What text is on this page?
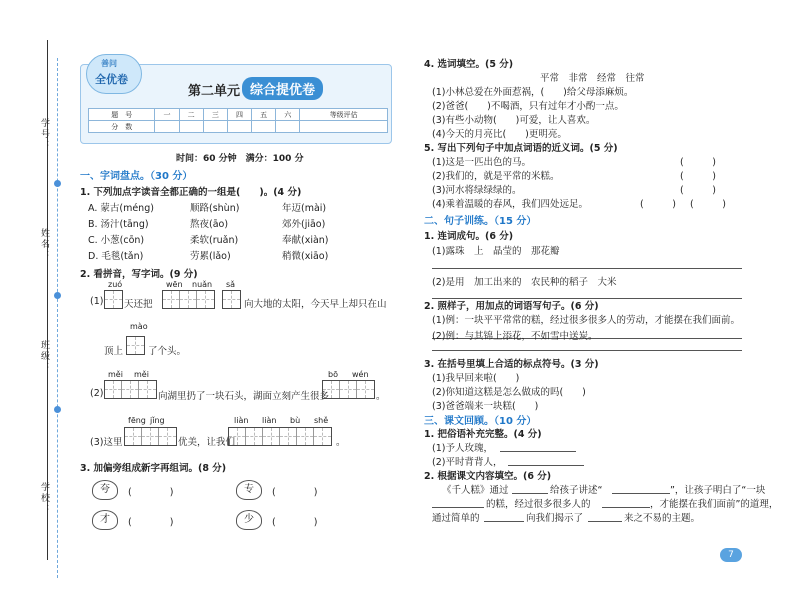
学号：
姓名：
班级：
学校：
善问
全优卷
第二单元 综合提优卷
题　号	一	二	三	四	五	六	等级评估
分　数							
时间：60 分钟　满分：100 分
一、字词盘点。（30 分）
1. 下列加点字读音全都正确的一组是(　　)。(4 分)
A. 蒙古(méng)	顺路(shùn)	年迈(mài)
B. 汤汁(tāng)	熬夜(āo)	郊外(jiāo)
C. 小葱(cōn)	柔软(ruǎn)	奉献(xiàn)
D. 毛毯(tǎn)	劳累(lǎo)	稍微(xiāo)
2. 看拼音，写字词。(9 分)
zuó	wēn nuǎn sǎ
(1) 天还把	向大地的太阳，今天早上却只在山
mào
顶上	了个头。
měi měi	bō wén
(2)	向湖里扔了一块石头，湖面立刻产生很多	。
fēng jǐng	liàn liàn bù shě
(3)这里	优美，让我们	。
3. 加偏旁组成新字再组词。(8 分)
夸	(　　　　)	专	(　　　　)
才	(　　　　)	少	(　　　　)
4. 选词填空。(5 分)
平常　非常　经常　往常
(1)小林总爱在外面惹祸，(　　)给父母添麻烦。
(2)爸爸(　　)不喝酒，只有过年才小酌一点。
(3)有些小动物(　　)可爱，让人喜欢。
(4)今天的月亮比(　　)更明亮。
5. 写出下列句子中加点词语的近义词。(5 分)
(1)这是一匹出色的马。	(　　　)
(2)我们的，就是平常的米糕。	(　　　)
(3)河水将绿绿绿的。	(　　　)
(4)乘着温暖的春风，我们四处远足。	(　　　) (　　　)
二、句子训练。（15 分）
1. 连词成句。(6 分)
(1)露珠　上　晶莹的　那花瓣
(2)是用　加工出来的　农民种的稻子　大米
2. 照样子，用加点的词语写句子。(6 分)
(1)例：一块平平常常的糕，经过很多很多人的劳动，才能摆在我们面前。
(2)例：与其锦上添花，不如雪中送炭。
3. 在括号里填上合适的标点符号。(3 分)
(1)我早回来啦(　　)
(2)你知道这糕是怎么做成的吗(　　)
(3)爸爸端来一块糕(　　)
三、课文回顾。（10 分）
1. 把俗语补充完整。(4 分)
(1)予人玫瑰，
(2)平时背背人，
2. 根据课文内容填空。(6 分)
《千人糕》通过	给孩子讲述“	”，让孩子明白了“一块
的糕，经过很多很多人的	，才能摆在我们面前”的道理，
通过简单的	向我们揭示了	来之不易的主题。
7
